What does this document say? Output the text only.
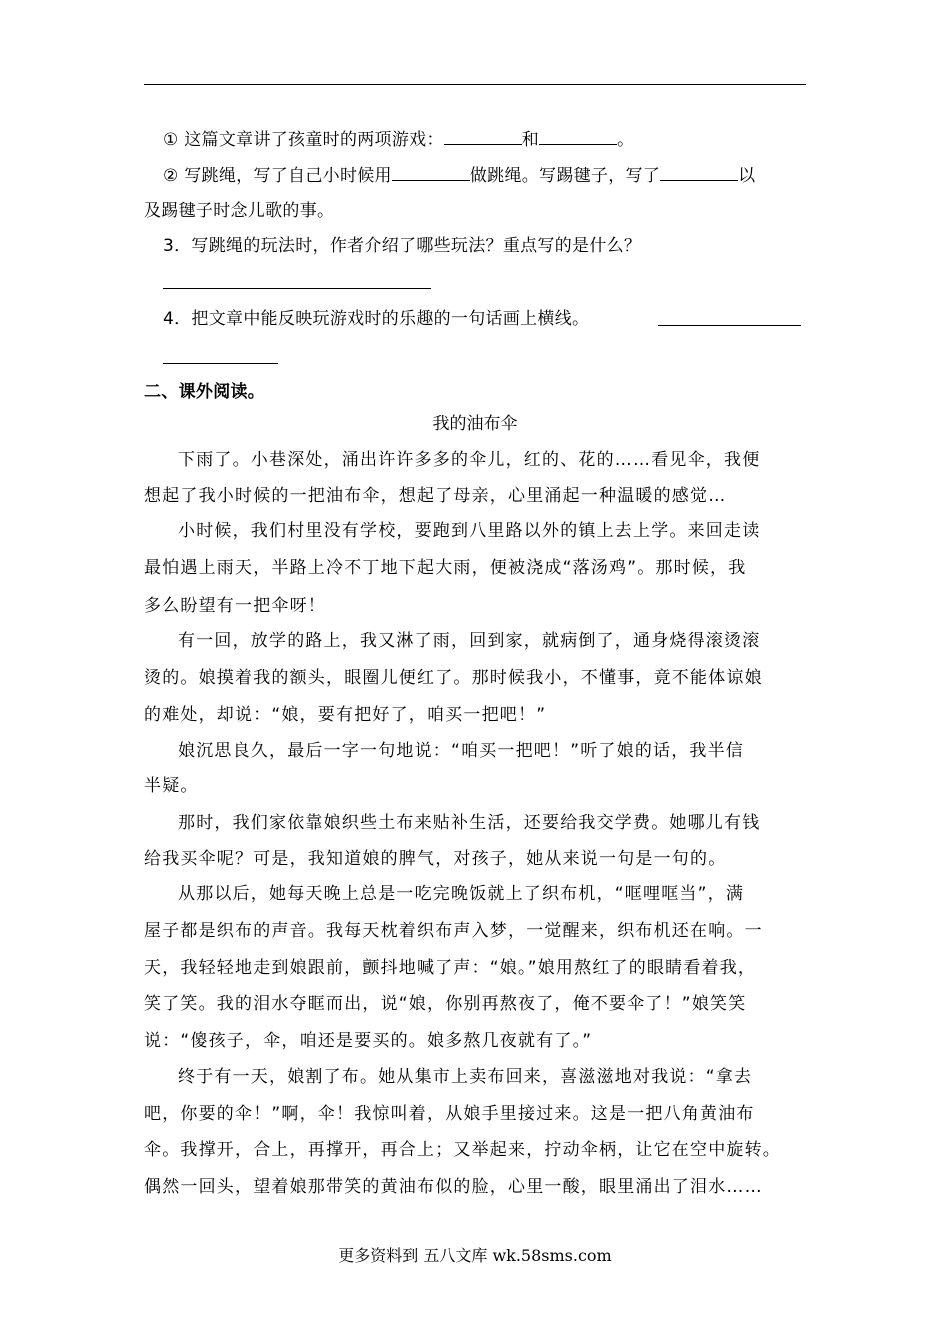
① 这篇文章讲了孩童时的两项游戏：	和	。
② 写跳绳，写了自己小时候用	做跳绳。写踢毽子，写了	以
及踢毽子时念儿歌的事。
3．写跳绳的玩法时，作者介绍了哪些玩法？重点写的是什么？
4．把文章中能反映玩游戏时的乐趣的一句话画上横线。
二、课外阅读。
我的油布伞
下雨了。小巷深处，涌出许许多多的伞儿，红的、花的……看见伞，我便
想起了我小时候的一把油布伞，想起了母亲，心里涌起一种温暖的感觉…
小时候，我们村里没有学校，要跑到八里路以外的镇上去上学。来回走读
最怕遇上雨天，半路上冷不丁地下起大雨，便被浇成“落汤鸡”。那时候，我
多么盼望有一把伞呀！
有一回，放学的路上，我又淋了雨，回到家，就病倒了，通身烧得滚烫滚
烫的。娘摸着我的额头，眼圈儿便红了。那时候我小，不懂事，竟不能体谅娘
的难处，却说：“娘，要有把好了，咱买一把吧！”
娘沉思良久，最后一字一句地说：“咱买一把吧！”听了娘的话，我半信
半疑。
那时，我们家依靠娘织些土布来贴补生活，还要给我交学费。她哪儿有钱
给我买伞呢？可是，我知道娘的脾气，对孩子，她从来说一句是一句的。
从那以后，她每天晚上总是一吃完晚饭就上了织布机，“哐哩哐当”，满
屋子都是织布的声音。我每天枕着织布声入梦，一觉醒来，织布机还在响。一
天，我轻轻地走到娘跟前，颤抖地喊了声：“娘。”娘用熬红了的眼睛看着我，
笑了笑。我的泪水夺眶而出，说“娘，你别再熬夜了，俺不要伞了！”娘笑笑
说：“傻孩子，伞，咱还是要买的。娘多熬几夜就有了。”
终于有一天，娘割了布。她从集市上卖布回来，喜滋滋地对我说：“拿去
吧，你要的伞！”啊，伞！我惊叫着，从娘手里接过来。这是一把八角黄油布
伞。我撑开，合上，再撑开，再合上；又举起来，拧动伞柄，让它在空中旋转。
偶然一回头，望着娘那带笑的黄油布似的脸，心里一酸，眼里涌出了泪水……
更多资料到 五八文库 wk.58sms.com
